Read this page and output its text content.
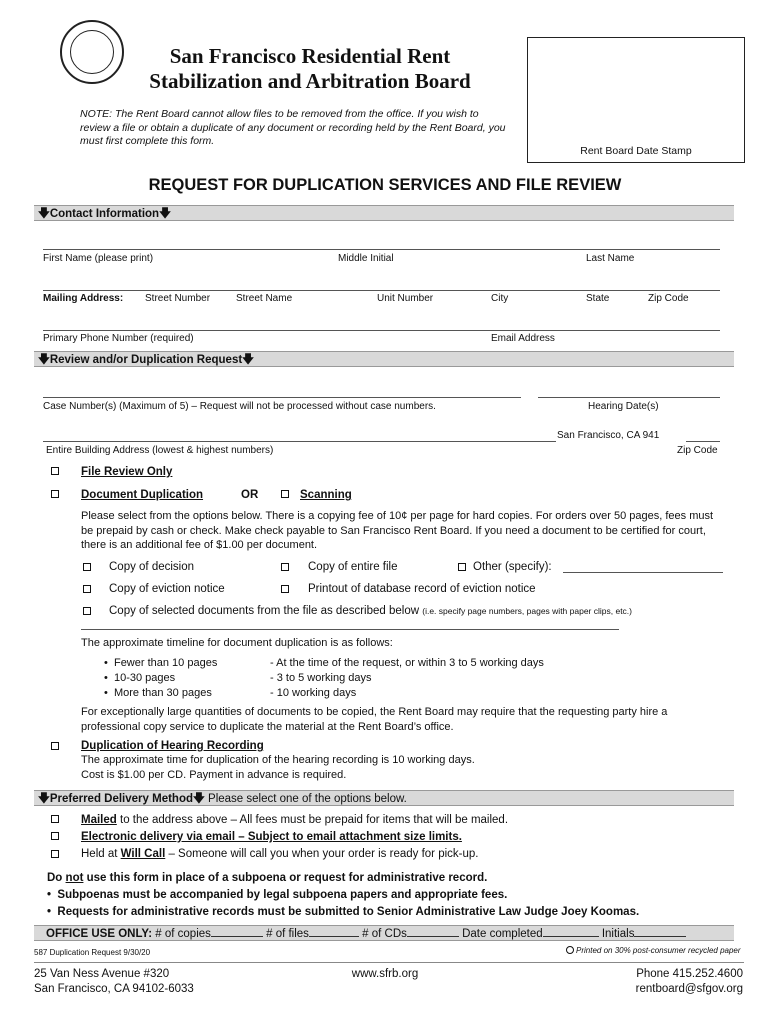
San Francisco Residential Rent
Stabilization and Arbitration Board
NOTE: The Rent Board cannot allow files to be removed from the office. If you wish to review a file or obtain a duplicate of any document or recording held by the Rent Board, you must first complete this form.
Rent Board Date Stamp
REQUEST FOR DUPLICATION SERVICES AND FILE REVIEW
🡇Contact Information🡇
First Name (please print)	Middle Initial	Last Name
Mailing Address: Street Number	Street Name	Unit Number	City	State	Zip Code
Primary Phone Number (required)	Email Address
🡇Review and/or Duplication Request🡇
Case Number(s) (Maximum of 5) – Request will not be processed without case numbers.	Hearing Date(s)
San Francisco, CA 941
Entire Building Address (lowest & highest numbers)	Zip Code
File Review Only
Document Duplication	OR	Scanning
Please select from the options below. There is a copying fee of 10¢ per page for hard copies. For orders over 50 pages, fees must be prepaid by cash or check. Make check payable to San Francisco Rent Board. If you need a document to be certified for court, there is an additional fee of $1.00 per document.
Copy of decision	Copy of entire file	Other (specify):
Copy of eviction notice	Printout of database record of eviction notice
Copy of selected documents from the file as described below (i.e. specify page numbers, pages with paper clips, etc.)
The approximate timeline for document duplication is as follows:
•  Fewer than 10 pages	- At the time of the request, or within 3 to 5 working days
•  10-30 pages	- 3 to 5 working days
•  More than 30 pages	- 10 working days
For exceptionally large quantities of documents to be copied, the Rent Board may require that the requesting party hire a professional copy service to duplicate the material at the Rent Board’s office.
Duplication of Hearing Recording
The approximate time for duplication of the hearing recording is 10 working days.
Cost is $1.00 per CD. Payment in advance is required.
🡇Preferred Delivery Method🡇 Please select one of the options below.
Mailed to the address above – All fees must be prepaid for items that will be mailed.
Electronic delivery via email – Subject to email attachment size limits.
Held at Will Call – Someone will call you when your order is ready for pick-up.
Do not use this form in place of a subpoena or request for administrative record.
•  Subpoenas must be accompanied by legal subpoena papers and appropriate fees.
•  Requests for administrative records must be submitted to Senior Administrative Law Judge Joey Koomas.
OFFICE USE ONLY: # of copies	# of files	# of CDs	Date completed	Initials
587 Duplication Request 9/30/20	Printed on 30% post-consumer recycled paper
25 Van Ness Avenue #320
San Francisco, CA 94102-6033
www.sfrb.org	Phone 415.252.4600
rentboard@sfgov.org
